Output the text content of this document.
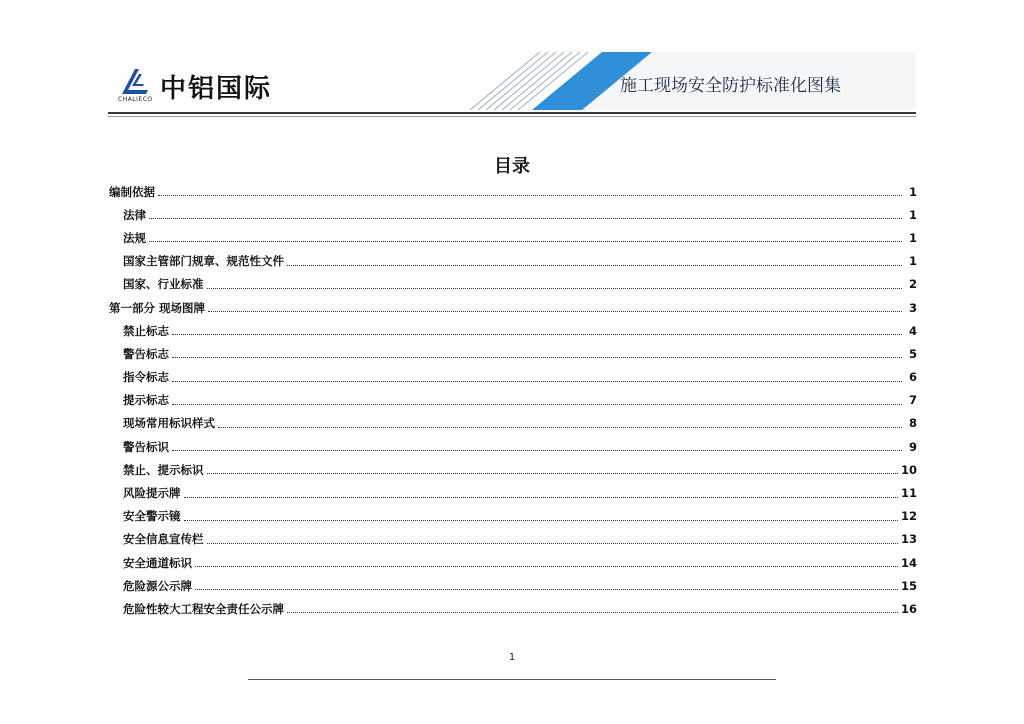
CHALIECO 中铝国际	施工现场安全防护标准化图集
目录
编制依据	1
法律	1
法规	1
国家主管部门规章、规范性文件	1
国家、行业标准	2
第一部分 现场图牌	3
禁止标志	4
警告标志	5
指令标志	6
提示标志	7
现场常用标识样式	8
警告标识	9
禁止、提示标识	10
风险提示牌	11
安全警示镜	12
安全信息宣传栏	13
安全通道标识	14
危险源公示牌	15
危险性较大工程安全责任公示牌	16
1
